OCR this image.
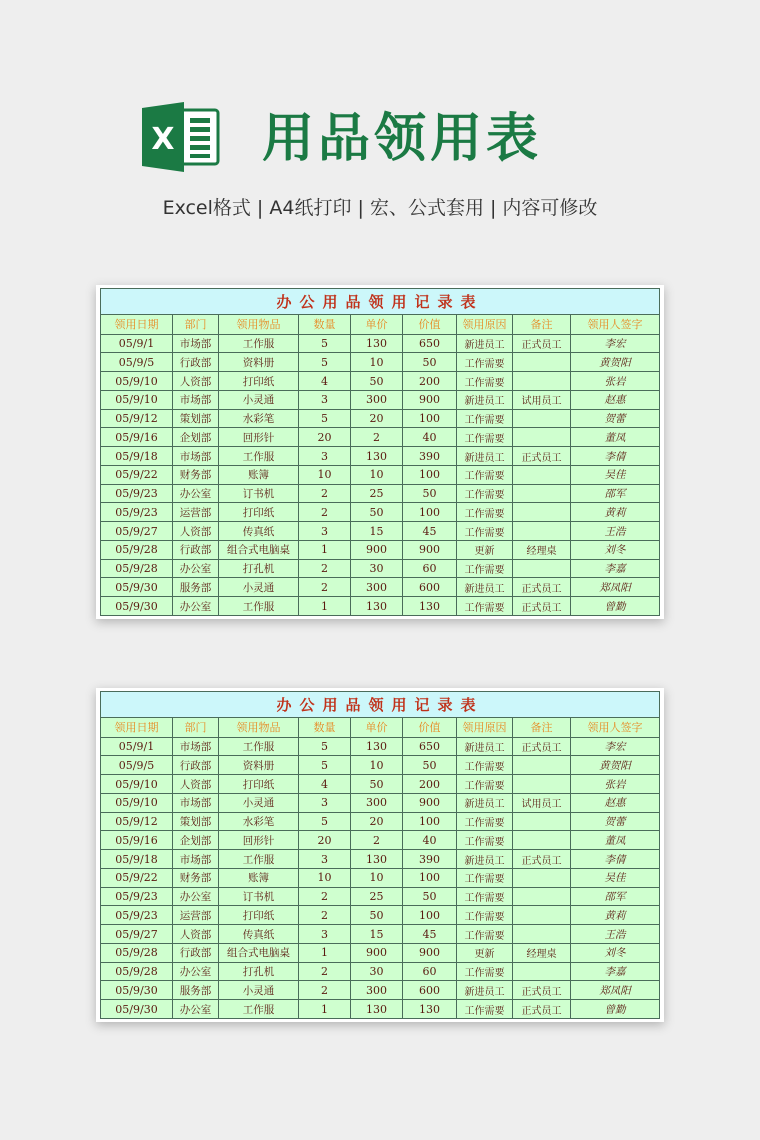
X 用品领用表
Excel格式 | A4纸打印 | 宏、公式套用 | 内容可修改
办公用品领用记录表								
领用日期	部门	领用物品	数量	单价	价值	领用原因	备注	领用人签字
05/9/1	市场部	工作服	5	130	650	新进员工	正式员工	李宏
05/9/5	行政部	资料册	5	10	50	工作需要		黄贺阳
05/9/10	人资部	打印纸	4	50	200	工作需要		张岩
05/9/10	市场部	小灵通	3	300	900	新进员工	试用员工	赵惠
05/9/12	策划部	水彩笔	5	20	100	工作需要		贺蕾
05/9/16	企划部	回形针	20	2	40	工作需要		董凤
05/9/18	市场部	工作服	3	130	390	新进员工	正式员工	李倩
05/9/22	财务部	账簿	10	10	100	工作需要		吴佳
05/9/23	办公室	订书机	2	25	50	工作需要		邵军
05/9/23	运营部	打印纸	2	50	100	工作需要		黄莉
05/9/27	人资部	传真纸	3	15	45	工作需要		王浩
05/9/28	行政部	组合式电脑桌	1	900	900	更新	经理桌	刘冬
05/9/28	办公室	打孔机	2	30	60	工作需要		李嘉
05/9/30	服务部	小灵通	2	300	600	新进员工	正式员工	郑凤阳
05/9/30	办公室	工作服	1	130	130	工作需要	正式员工	曾勤
办公用品领用记录表								
领用日期	部门	领用物品	数量	单价	价值	领用原因	备注	领用人签字
05/9/1	市场部	工作服	5	130	650	新进员工	正式员工	李宏
05/9/5	行政部	资料册	5	10	50	工作需要		黄贺阳
05/9/10	人资部	打印纸	4	50	200	工作需要		张岩
05/9/10	市场部	小灵通	3	300	900	新进员工	试用员工	赵惠
05/9/12	策划部	水彩笔	5	20	100	工作需要		贺蕾
05/9/16	企划部	回形针	20	2	40	工作需要		董凤
05/9/18	市场部	工作服	3	130	390	新进员工	正式员工	李倩
05/9/22	财务部	账簿	10	10	100	工作需要		吴佳
05/9/23	办公室	订书机	2	25	50	工作需要		邵军
05/9/23	运营部	打印纸	2	50	100	工作需要		黄莉
05/9/27	人资部	传真纸	3	15	45	工作需要		王浩
05/9/28	行政部	组合式电脑桌	1	900	900	更新	经理桌	刘冬
05/9/28	办公室	打孔机	2	30	60	工作需要		李嘉
05/9/30	服务部	小灵通	2	300	600	新进员工	正式员工	郑凤阳
05/9/30	办公室	工作服	1	130	130	工作需要	正式员工	曾勤
